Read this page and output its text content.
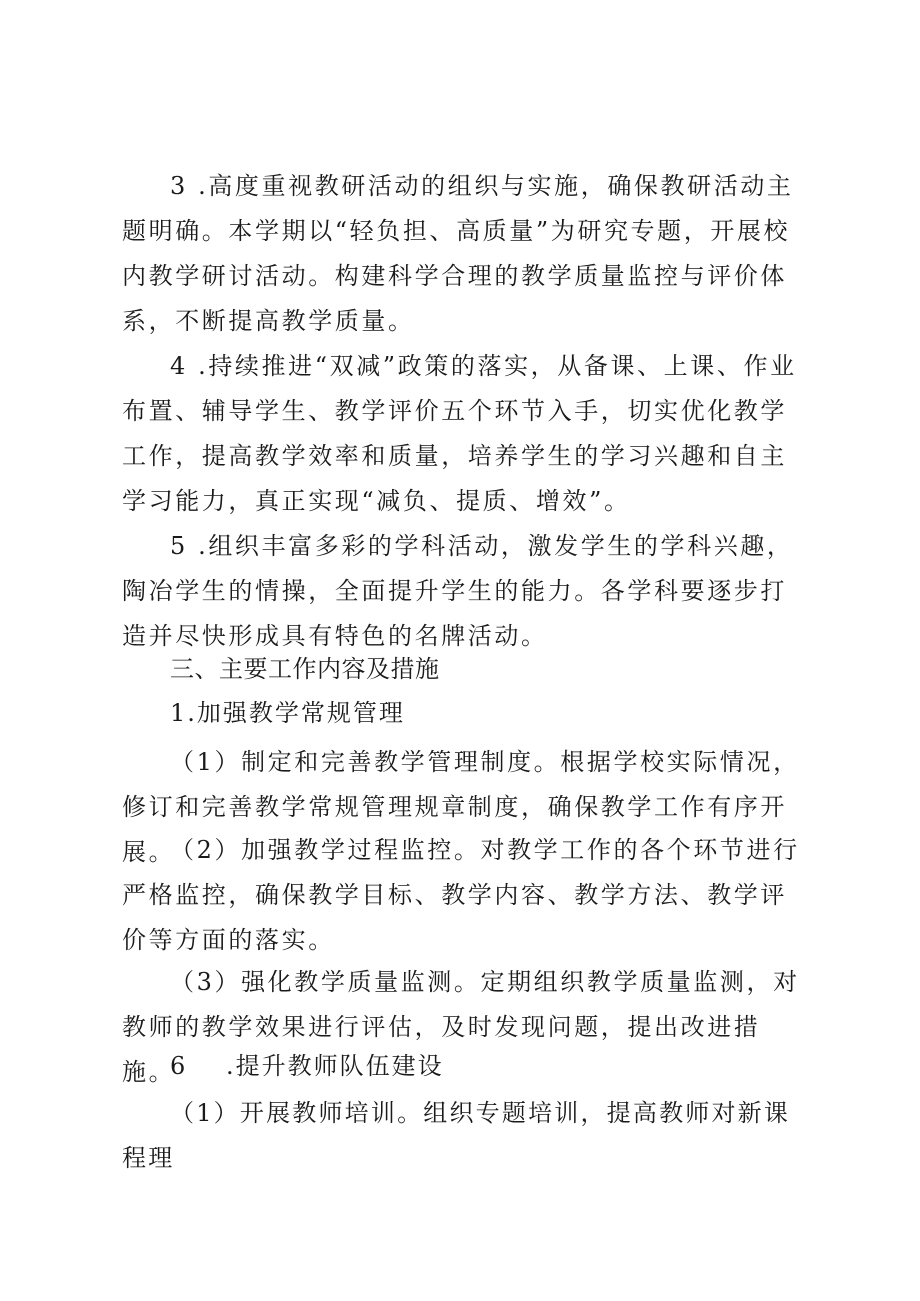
3 .高度重视教研活动的组织与实施，确保教研活动主题明确。本学期以“轻负担、高质量”为研究专题，开展校内教学研讨活动。构建科学合理的教学质量监控与评价体系，不断提高教学质量。

4 .持续推进“双减”政策的落实，从备课、上课、作业布置、辅导学生、教学评价五个环节入手，切实优化教学工作，提高教学效率和质量，培养学生的学习兴趣和自主学习能力，真正实现“减负、提质、增效”。

5 .组织丰富多彩的学科活动，激发学生的学科兴趣，陶冶学生的情操，全面提升学生的能力。各学科要逐步打造并尽快形成具有特色的名牌活动。

三、主要工作内容及措施

1.加强教学常规管理

（1）制定和完善教学管理制度。根据学校实际情况，修订和完善教学常规管理规章制度，确保教学工作有序开展。

（2）加强教学过程监控。对教学工作的各个环节进行严格监控，确保教学目标、教学内容、教学方法、教学评价等方面的落实。

（3）强化教学质量监测。定期组织教学质量监测，对教师的教学效果进行评估，及时发现问题，提出改进措施。

6 .提升教师队伍建设

（1）开展教师培训。组织专题培训，提高教师对新课程理
